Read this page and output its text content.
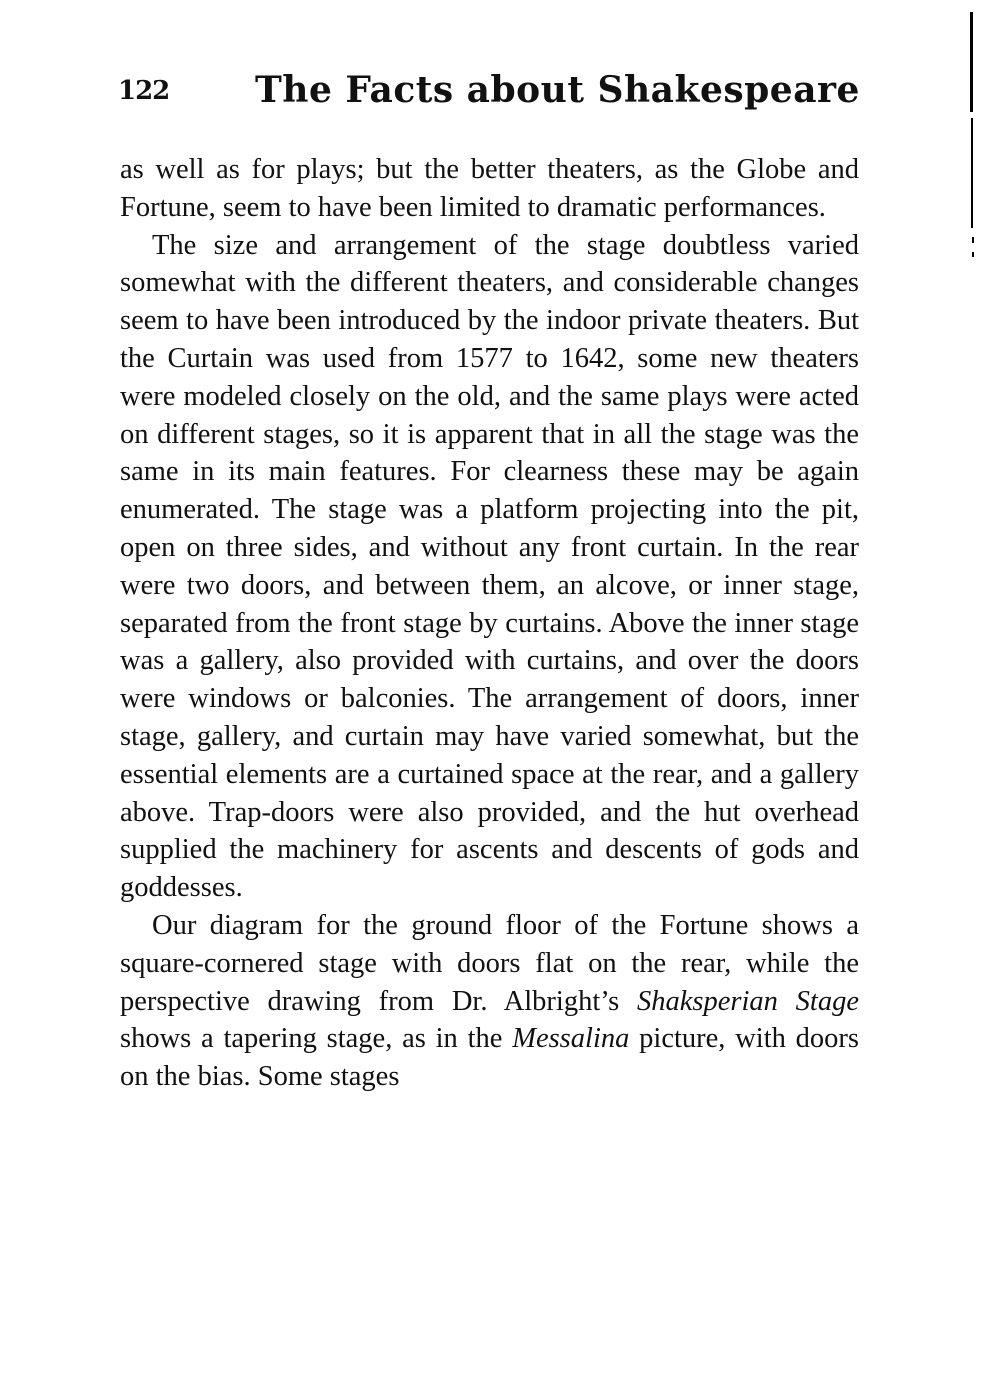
122 The Facts about Shakespeare

as well as for plays; but the better theaters, as the Globe and Fortune, seem to have been limited to dramatic performances.

The size and arrangement of the stage doubtless varied somewhat with the different theaters, and considerable changes seem to have been introduced by the indoor private theaters. But the Curtain was used from 1577 to 1642, some new theaters were modeled closely on the old, and the same plays were acted on different stages, so it is apparent that in all the stage was the same in its main features. For clearness these may be again enumerated. The stage was a platform projecting into the pit, open on three sides, and without any front curtain. In the rear were two doors, and between them, an alcove, or inner stage, separated from the front stage by curtains. Above the inner stage was a gallery, also provided with curtains, and over the doors were windows or balconies. The arrangement of doors, inner stage, gallery, and curtain may have varied somewhat, but the essential elements are a curtained space at the rear, and a gallery above. Trap-doors were also provided, and the hut overhead supplied the machinery for ascents and descents of gods and goddesses.

Our diagram for the ground floor of the Fortune shows a square-cornered stage with doors flat on the rear, while the perspective drawing from Dr. Albright’s Shaksperian Stage shows a tapering stage, as in the Messalina picture, with doors on the bias. Some stages
